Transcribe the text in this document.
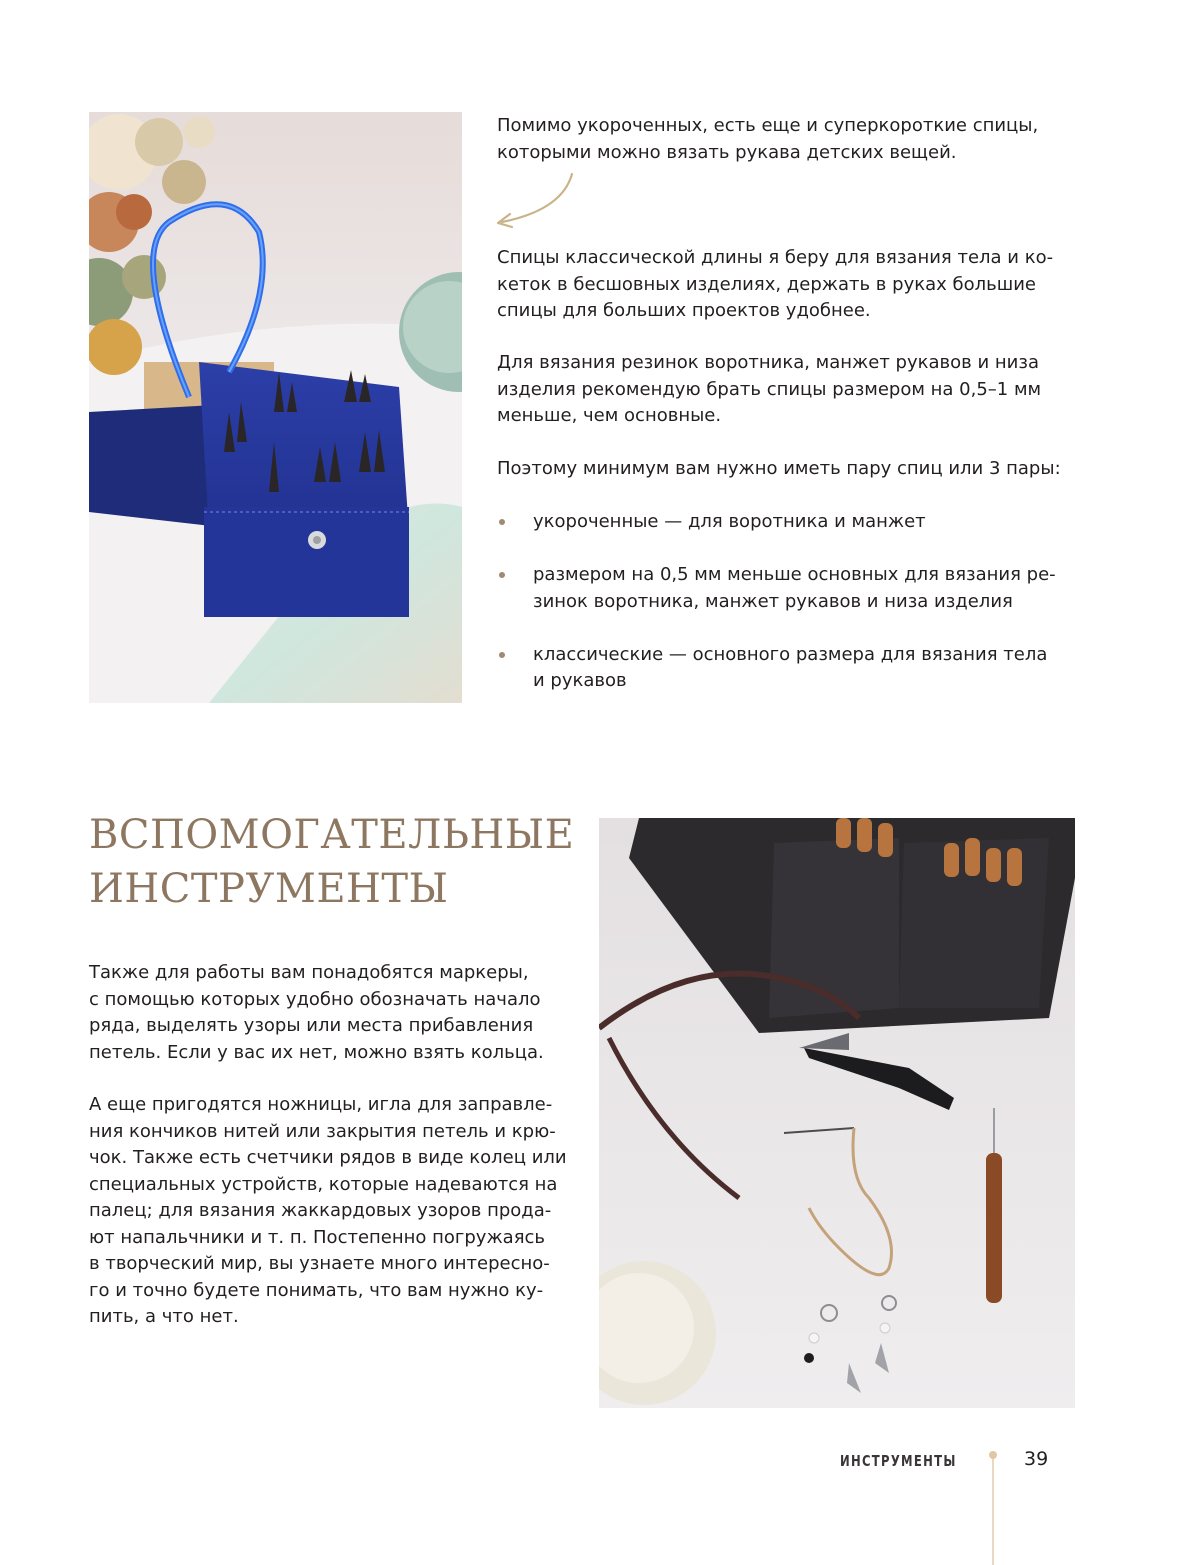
Помимо укороченных, есть еще и суперкороткие спицы,
которыми можно вязать рукава детских вещей.
Спицы классической длины я беру для вязания тела и ко-
кеток в бесшовных изделиях, держать в руках большие
спицы для больших проектов удобнее.
Для вязания резинок воротника, манжет рукавов и низа
изделия рекомендую брать спицы размером на 0,5–1 мм
меньше, чем основные.
Поэтому минимум вам нужно иметь пару спиц или 3 пары:
укороченные — для воротника и манжет
размером на 0,5 мм меньше основных для вязания ре-
зинок воротника, манжет рукавов и низа изделия
классические — основного размера для вязания тела
и рукавов
ВСПОМОГАТЕЛЬНЫЕ
ИНСТРУМЕНТЫ
Также для работы вам понадобятся маркеры,
с помощью которых удобно обозначать начало
ряда, выделять узоры или места прибавления
петель. Если у вас их нет, можно взять кольца.
А еще пригодятся ножницы, игла для заправле-
ния кончиков нитей или закрытия петель и крю-
чок. Также есть счетчики рядов в виде колец или
специальных устройств, которые надеваются на
палец; для вязания жаккардовых узоров прода-
ют напальчники и т. п. Постепенно погружаясь
в творческий мир, вы узнаете много интересно-
го и точно будете понимать, что вам нужно ку-
пить, а что нет.
ИНСТРУМЕНТЫ	39
